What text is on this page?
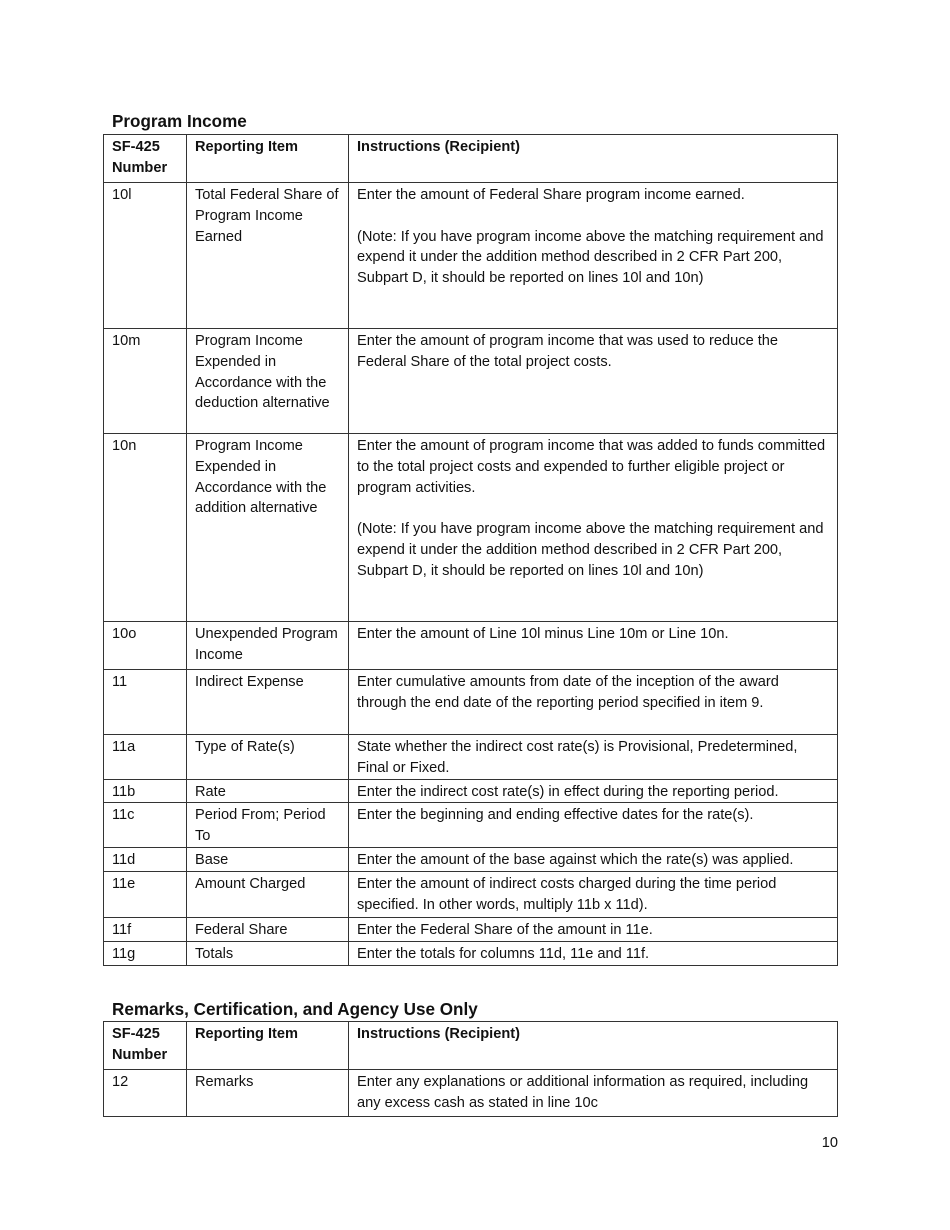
Program Income
SF-425 Number	Reporting Item	Instructions (Recipient)
10l	Total Federal Share of Program Income Earned	Enter the amount of Federal Share program income earned.

(Note: If you have program income above the matching requirement and expend it under the addition method described in 2 CFR Part 200, Subpart D, it should be reported on lines 10l and 10n)

10m	Program Income Expended in Accordance with the deduction alternative	Enter the amount of program income that was used to reduce the Federal Share of the total project costs.

10n	Program Income Expended in Accordance with the addition alternative	Enter the amount of program income that was added to funds committed to the total project costs and expended to further eligible project or program activities.

(Note: If you have program income above the matching requirement and expend it under the addition method described in 2 CFR Part 200, Subpart D, it should be reported on lines 10l and 10n)

10o	Unexpended Program Income	Enter the amount of Line 10l minus Line 10m or Line 10n.

11	Indirect Expense	Enter cumulative amounts from date of the inception of the award through the end date of the reporting period specified in item 9.

11a	Type of Rate(s)	State whether the indirect cost rate(s) is Provisional, Predetermined, Final or Fixed.

11b	Rate	Enter the indirect cost rate(s) in effect during the reporting period.

11c	Period From; Period To	Enter the beginning and ending effective dates for the rate(s).

11d	Base	Enter the amount of the base against which the rate(s) was applied.

11e	Amount Charged	Enter the amount of indirect costs charged during the time period specified. In other words, multiply 11b x 11d).

11f	Federal Share	Enter the Federal Share of the amount in 11e.

11g	Totals	Enter the totals for columns 11d, 11e and 11f.

Remarks, Certification, and Agency Use Only
SF-425 Number	Reporting Item	Instructions (Recipient)
12	Remarks	Enter any explanations or additional information as required, including any excess cash as stated in line 10c

10
